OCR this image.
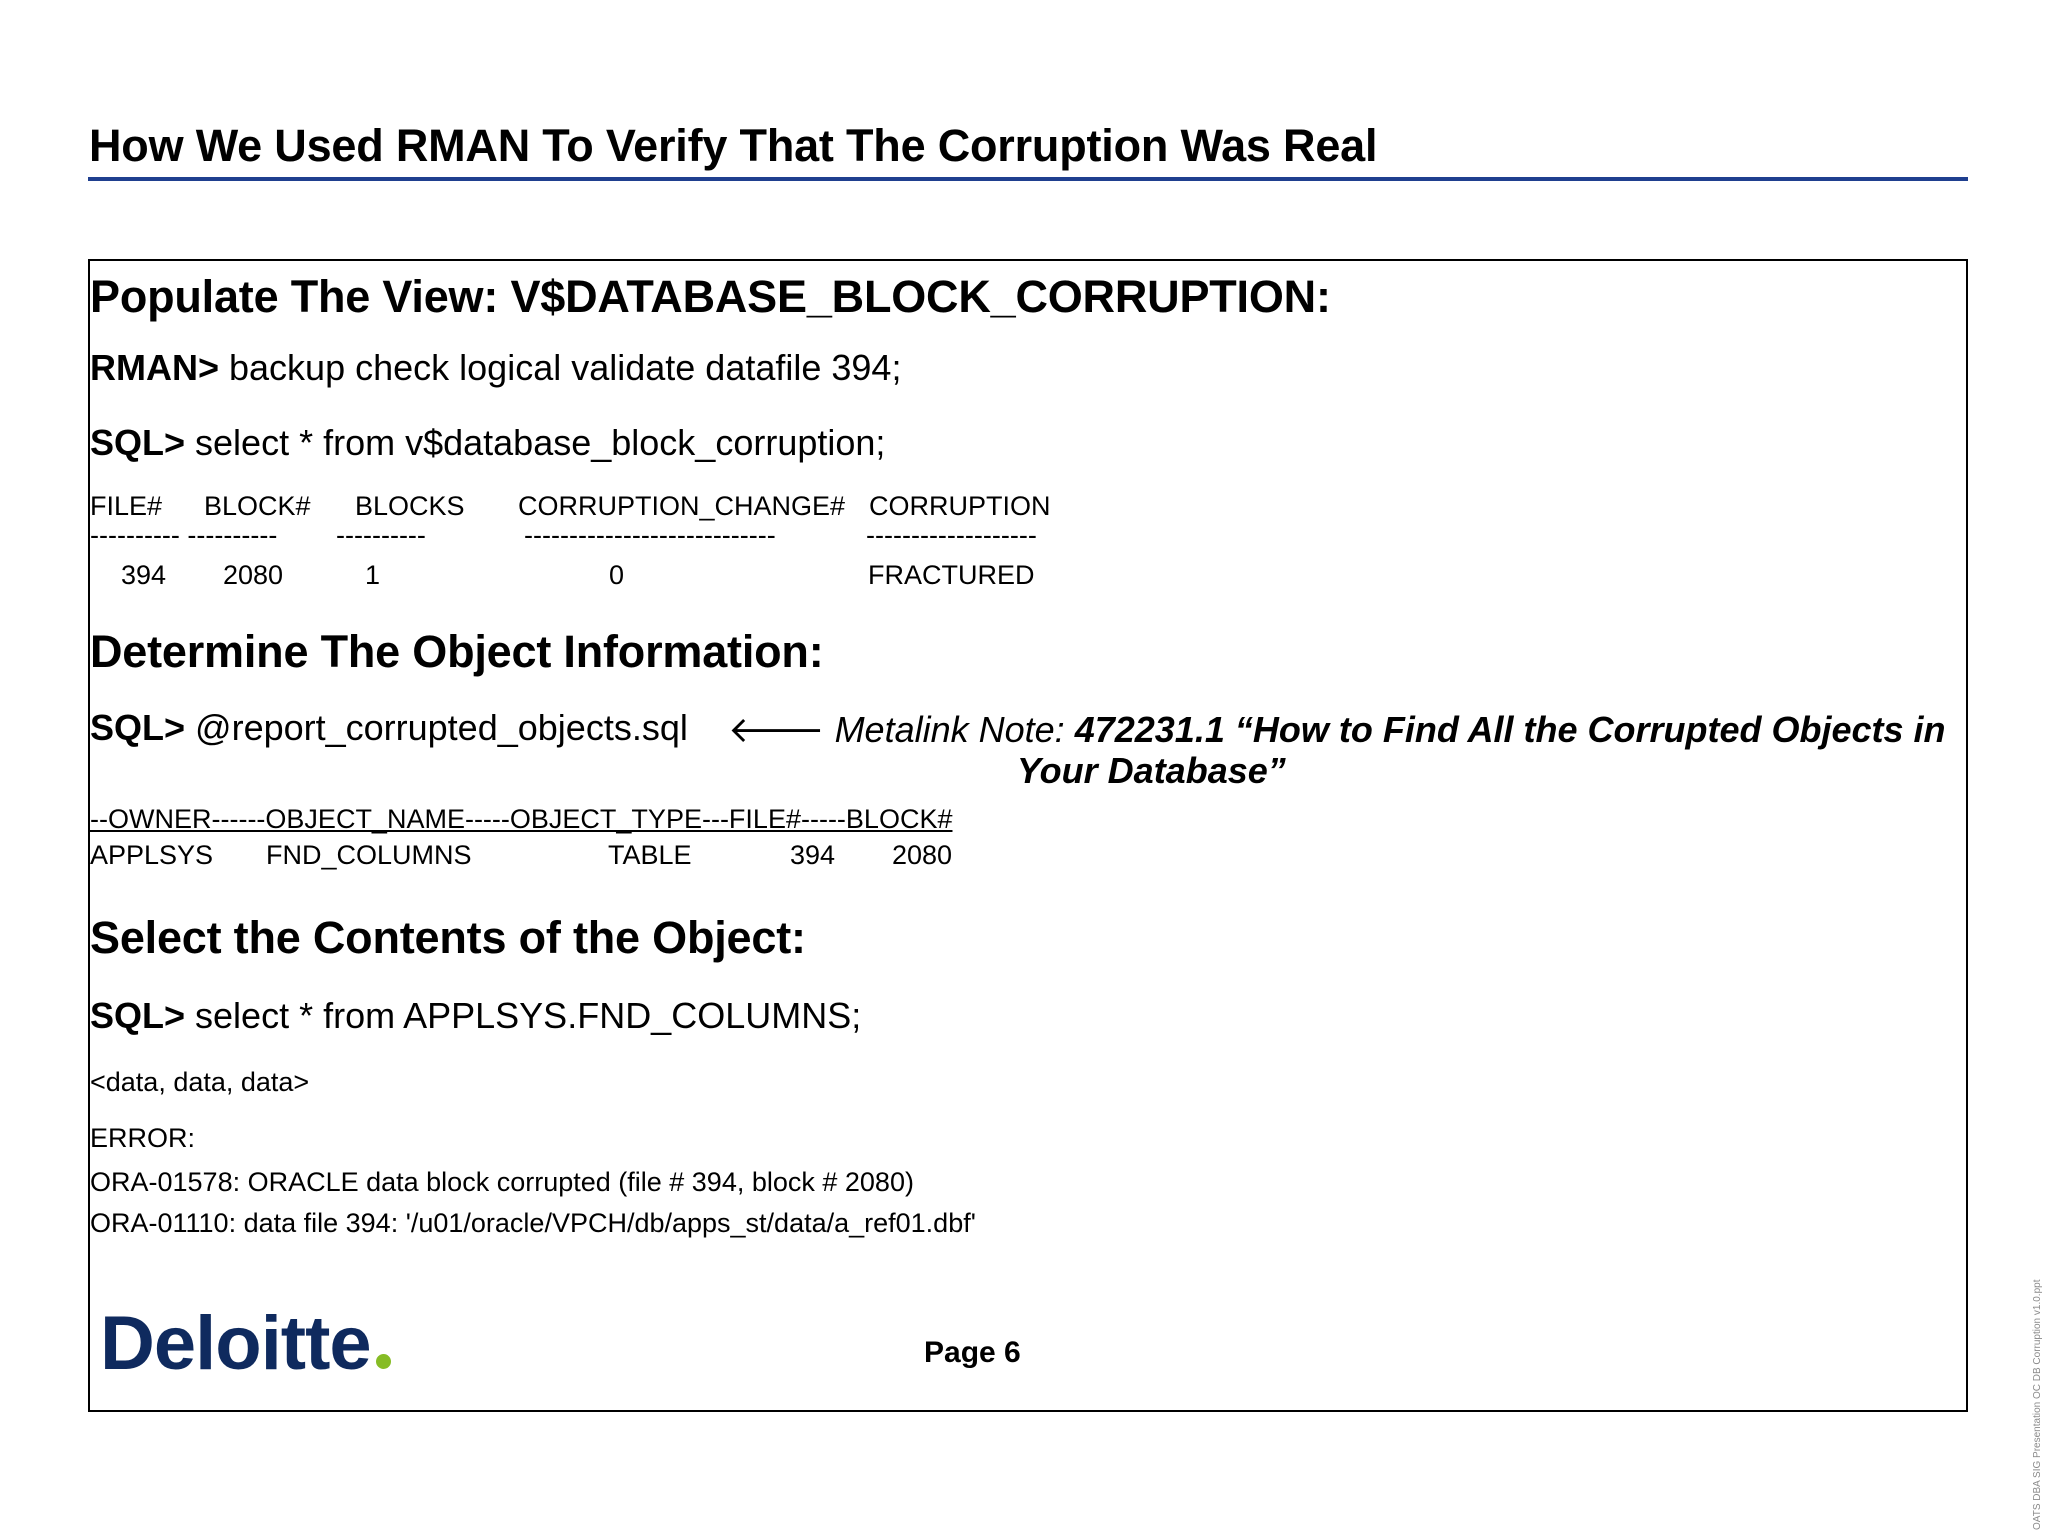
How We Used RMAN To Verify That The Corruption Was Real
Populate The View: V$DATABASE_BLOCK_CORRUPTION:
RMAN> backup check logical validate datafile 394;
SQL> select * from v$database_block_corruption;
FILE# BLOCK# BLOCKS CORRUPTION_CHANGE# CORRUPTION
---------- ---------- ----------	----------------------------	-------------------
394 2080	1	0	FRACTURED
Determine The Object Information:
SQL> @report_corrupted_objects.sql 🡐 Metalink Note: 472231.1 “How to Find All the Corrupted Objects in
Your Database”
--OWNER------OBJECT_NAME-----OBJECT_TYPE---FILE#-----BLOCK#
APPLSYS FND_COLUMNS	TABLE	394 2080
Select the Contents of the Object:
SQL> select * from APPLSYS.FND_COLUMNS;
<data, data, data>
ERROR:
ORA-01578: ORACLE data block corrupted (file # 394, block # 2080)
ORA-01110: data file 394: '/u01/oracle/VPCH/db/apps_st/data/a_ref01.dbf'
Deloitte	Page 6	OATS DBA SIG Presentation OC DB Corruption v1.0.ppt
